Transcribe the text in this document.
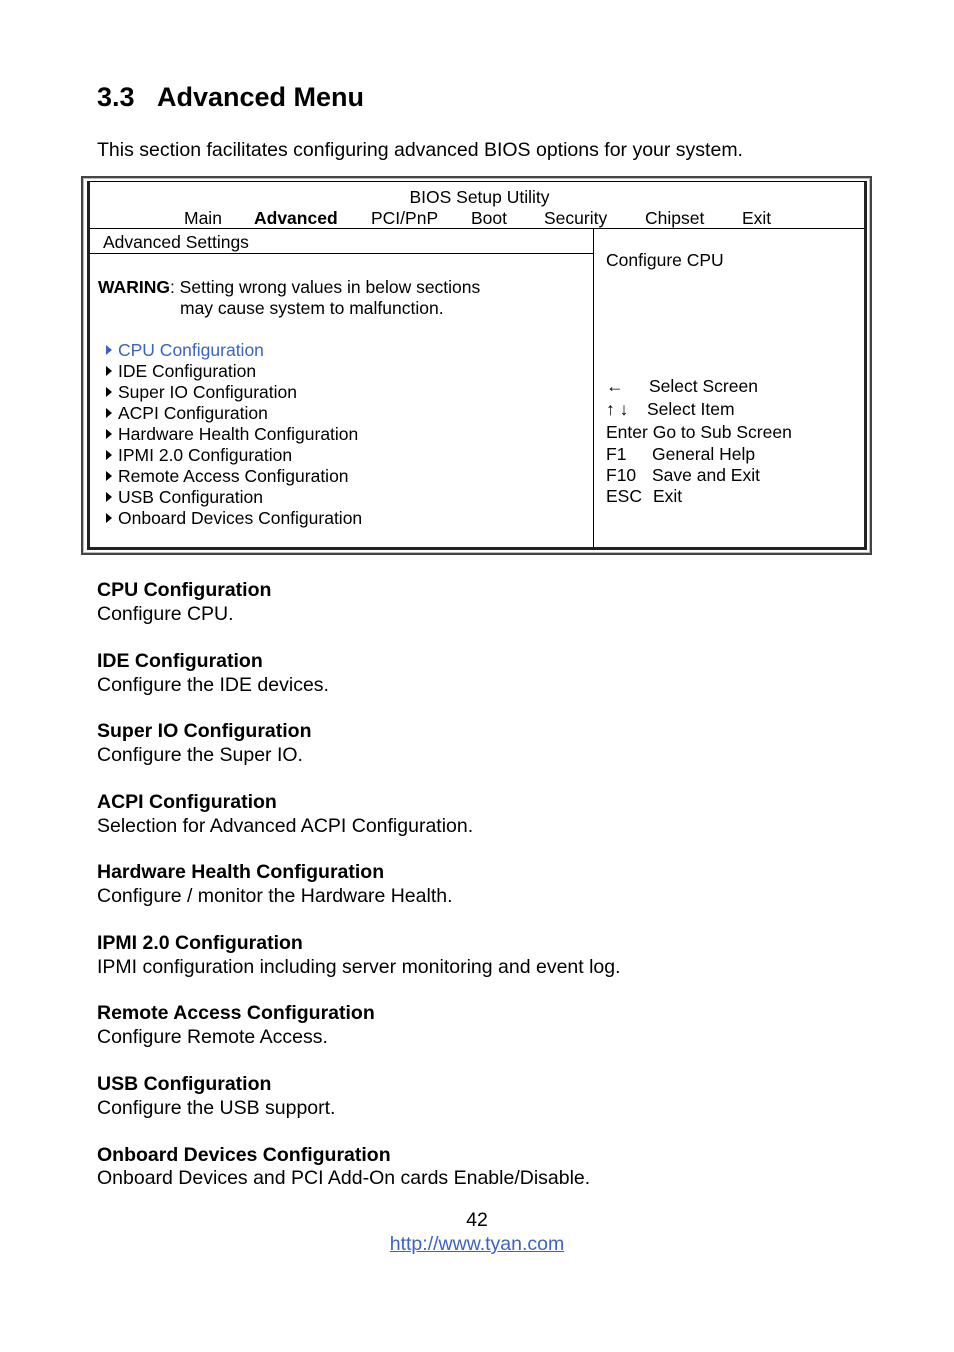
3.3 Advanced Menu
This section facilitates configuring advanced BIOS options for your system.
BIOS Setup Utility
Main Advanced PCI/PnP Boot Security Chipset Exit
Advanced Settings
WARING: Setting wrong values in below sections
may cause system to malfunction.
CPU Configuration
IDE Configuration
Super IO Configuration
ACPI Configuration
Hardware Health Configuration
IPMI 2.0 Configuration
Remote Access Configuration
USB Configuration
Onboard Devices Configuration
Configure CPU
← Select Screen
↑ ↓ Select Item
Enter Go to Sub Screen
F1 General Help
F10 Save and Exit
ESC Exit
CPU Configuration
Configure CPU.
IDE Configuration
Configure the IDE devices.
Super IO Configuration
Configure the Super IO.
ACPI Configuration
Selection for Advanced ACPI Configuration.
Hardware Health Configuration
Configure / monitor the Hardware Health.
IPMI 2.0 Configuration
IPMI configuration including server monitoring and event log.
Remote Access Configuration
Configure Remote Access.
USB Configuration
Configure the USB support.
Onboard Devices Configuration
Onboard Devices and PCI Add-On cards Enable/Disable.
42
http://www.tyan.com
